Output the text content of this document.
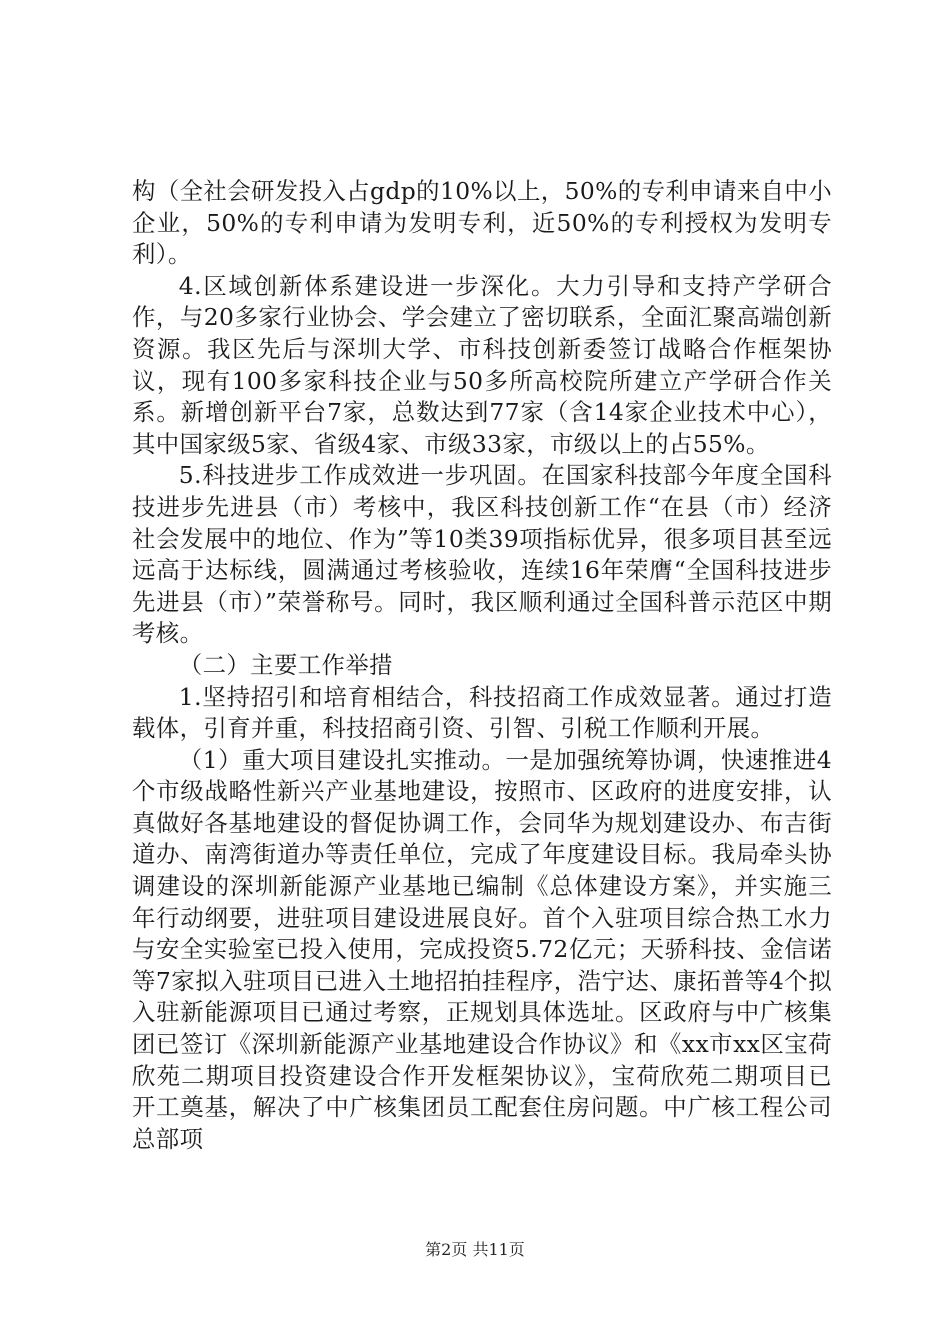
构（全社会研发投入占gdp的10%以上，50%的专利申请来自中小企业，50%的专利申请为发明专利，近50%的专利授权为发明专利）。

4.区域创新体系建设进一步深化。大力引导和支持产学研合作，与20多家行业协会、学会建立了密切联系，全面汇聚高端创新资源。我区先后与深圳大学、市科技创新委签订战略合作框架协议，现有100多家科技企业与50多所高校院所建立产学研合作关系。新增创新平台7家，总数达到77家（含14家企业技术中心），其中国家级5家、省级4家、市级33家，市级以上的占55%。

5.科技进步工作成效进一步巩固。在国家科技部今年度全国科技进步先进县（市）考核中，我区科技创新工作“在县（市）经济社会发展中的地位、作为”等10类39项指标优异，很多项目甚至远远高于达标线，圆满通过考核验收，连续16年荣膺“全国科技进步先进县（市）”荣誉称号。同时，我区顺利通过全国科普示范区中期考核。

（二）主要工作举措

1.坚持招引和培育相结合，科技招商工作成效显著。通过打造载体，引育并重，科技招商引资、引智、引税工作顺利开展。

（1）重大项目建设扎实推动。一是加强统筹协调，快速推进4个市级战略性新兴产业基地建设，按照市、区政府的进度安排，认真做好各基地建设的督促协调工作，会同华为规划建设办、布吉街道办、南湾街道办等责任单位，完成了年度建设目标。我局牵头协调建设的深圳新能源产业基地已编制《总体建设方案》，并实施三年行动纲要，进驻项目建设进展良好。首个入驻项目综合热工水力与安全实验室已投入使用，完成投资5.72亿元；天骄科技、金信诺等7家拟入驻项目已进入土地招拍挂程序，浩宁达、康拓普等4个拟入驻新能源项目已通过考察，正规划具体选址。区政府与中广核集团已签订《深圳新能源产业基地建设合作协议》和《xx市xx区宝荷欣苑二期项目投资建设合作开发框架协议》，宝荷欣苑二期项目已开工奠基，解决了中广核集团员工配套住房问题。中广核工程公司总部项

第2页 共11页
